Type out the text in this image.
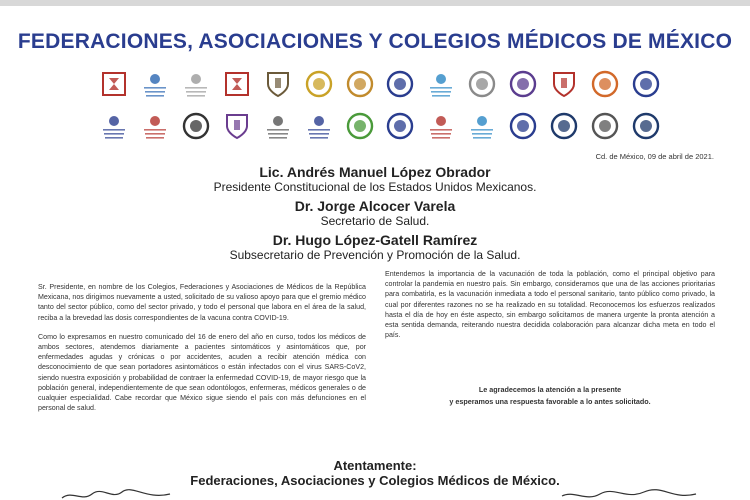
FEDERACIONES, ASOCIACIONES Y COLEGIOS MÉDICOS DE MÉXICO
Cd. de México, 09 de abril de 2021.
Lic. Andrés Manuel López Obrador
Presidente Constitucional de los Estados Unidos Mexicanos.
Dr. Jorge Alcocer Varela
Secretario de Salud.
Dr. Hugo López-Gatell Ramírez
Subsecretario de Prevención y Promoción de la Salud.

Sr. Presidente, en nombre de los Colegios, Federaciones y Asociaciones de Médicos de la República Mexicana, nos dirigimos nuevamente a usted, solicitado de su valioso apoyo para que el gremio médico tanto del sector público, como del sector privado, y todo el personal que labora en el área de la salud, reciba a la brevedad las dosis correspondientes de la vacuna contra COVID-19.

Como lo expresamos en nuestro comunicado del 16 de enero del año en curso, todos los médicos de ambos sectores, atendemos diariamente a pacientes sintomáticos y asintomáticos que, por enfermedades agudas y crónicas o por accidentes, acuden a recibir atención médica con desconocimiento de que sean portadores asintomáticos o están infectados con el virus SARS-CoV2, siendo nuestra exposición y probabilidad de contraer la enfermedad COVID-19, de mayor riesgo que la población general, independientemente de que sean odontólogos, enfermeras, médicos generales o de cualquier especialidad. Cabe recordar que México sigue siendo el país con más defunciones en el personal de salud.

Entendemos la importancia de la vacunación de toda la población, como el principal objetivo para controlar la pandemia en nuestro país. Sin embargo, consideramos que una de las acciones prioritarias para combatirla, es la vacunación inmediata a todo el personal sanitario, tanto público como privado, la cual por diferentes razones no se ha realizado en su totalidad. Reconocemos los esfuerzos realizados hasta el día de hoy en éste aspecto, sin embargo solicitamos de manera urgente la pronta atención a esta sentida demanda, reiterando nuestra decidida colaboración para alcanzar dicha meta en todo el país.

Le agradecemos la atención a la presente
y esperamos una respuesta favorable a lo antes solicitado.
Atentamente:
Federaciones, Asociaciones y Colegios Médicos de México.
